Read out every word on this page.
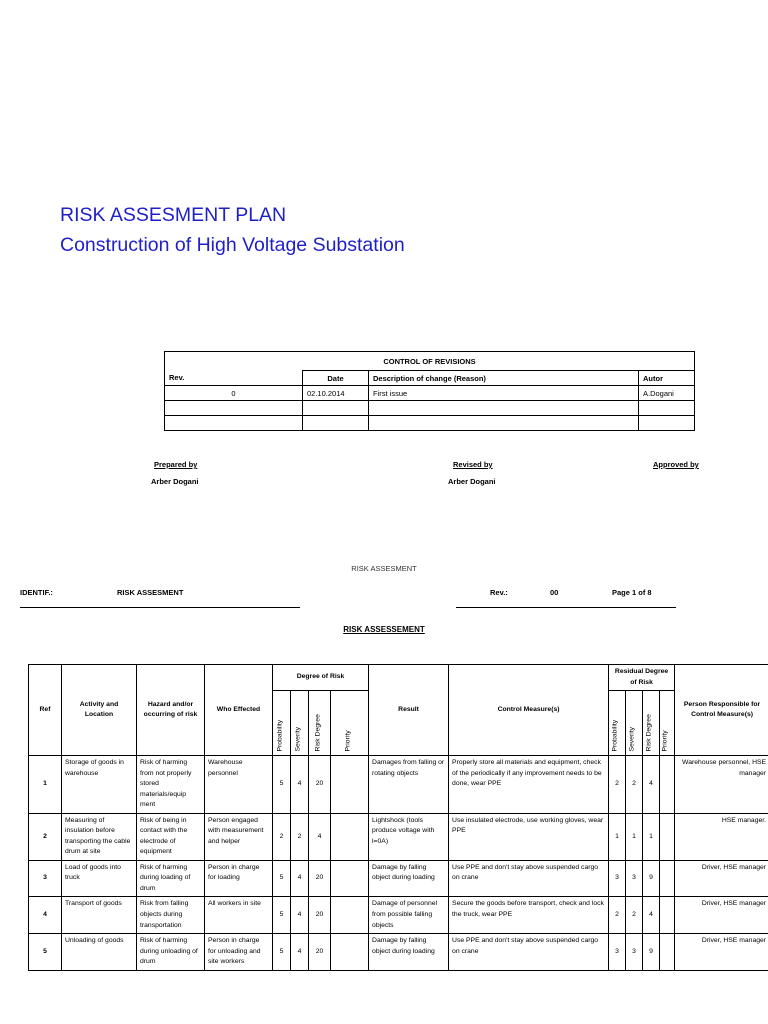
RISK ASSESMENT PLAN
Construction of High Voltage Substation
CONTROL OF REVISIONS			
Rev.	Date	Description of change (Reason)	Autor
0	02.10.2014	First issue	A.Dogani

Prepared by
Arber Dogani
Revised by
Arber Dogani
Approved by
RISK ASSESMENT
IDENTIF.:	RISK ASSESMENT	Rev.:	00	Page 1 of 8
RISK ASSESSEMENT
Ref	Activity and Location	Hazard and/or occurring of risk	Who Effected	Degree of Risk				Result	Control Measure(s)	Residual Degree of Risk				Person Responsible for Control Measure(s)

				Probability	Severity	Risk Degree	Priority			Probability	Severity	Risk Degree	Priority	

1	Storage of goods in warehouse	Risk of harming from not properly stored materials/equip ment	Warehouse personnel	5	4	20		Damages from falling or rotating objects	Properly store all materials and equipment, check of the periodically if any improvement needs to be done, wear PPE	2	2	4		Warehouse personnel, HSE manager
2	Measuring of insulation before transporting the cable drum at site	Risk of being in contact with the electrode of equipment	Person engaged with measurement and helper	2	2	4		Lightshock (tools produce voltage with l=0A)	Use insulated electrode, use working gloves, wear PPE	1	1	1		HSE manager.
3	Load of goods into truck	Risk of harming during loading of drum	Person in charge for loading	5	4	20		Damage by falling object during loading	Use PPE and don't stay above suspended cargo on crane	3	3	9		Driver, HSE manager
4	Transport of goods	Risk from falling objects during transportation	All workers in site	5	4	20		Damage of personnel from possible falling objects	Secure the goods before transport, check and lock the truck, wear PPE	2	2	4		Driver, HSE manager
5	Unloading of goods	Risk of harming during unloading of drum	Person in charge for unloading and site workers	5	4	20		Damage by falling object during loading	Use PPE and don't stay above suspended cargo on crane	3	3	9		Driver, HSE manager
